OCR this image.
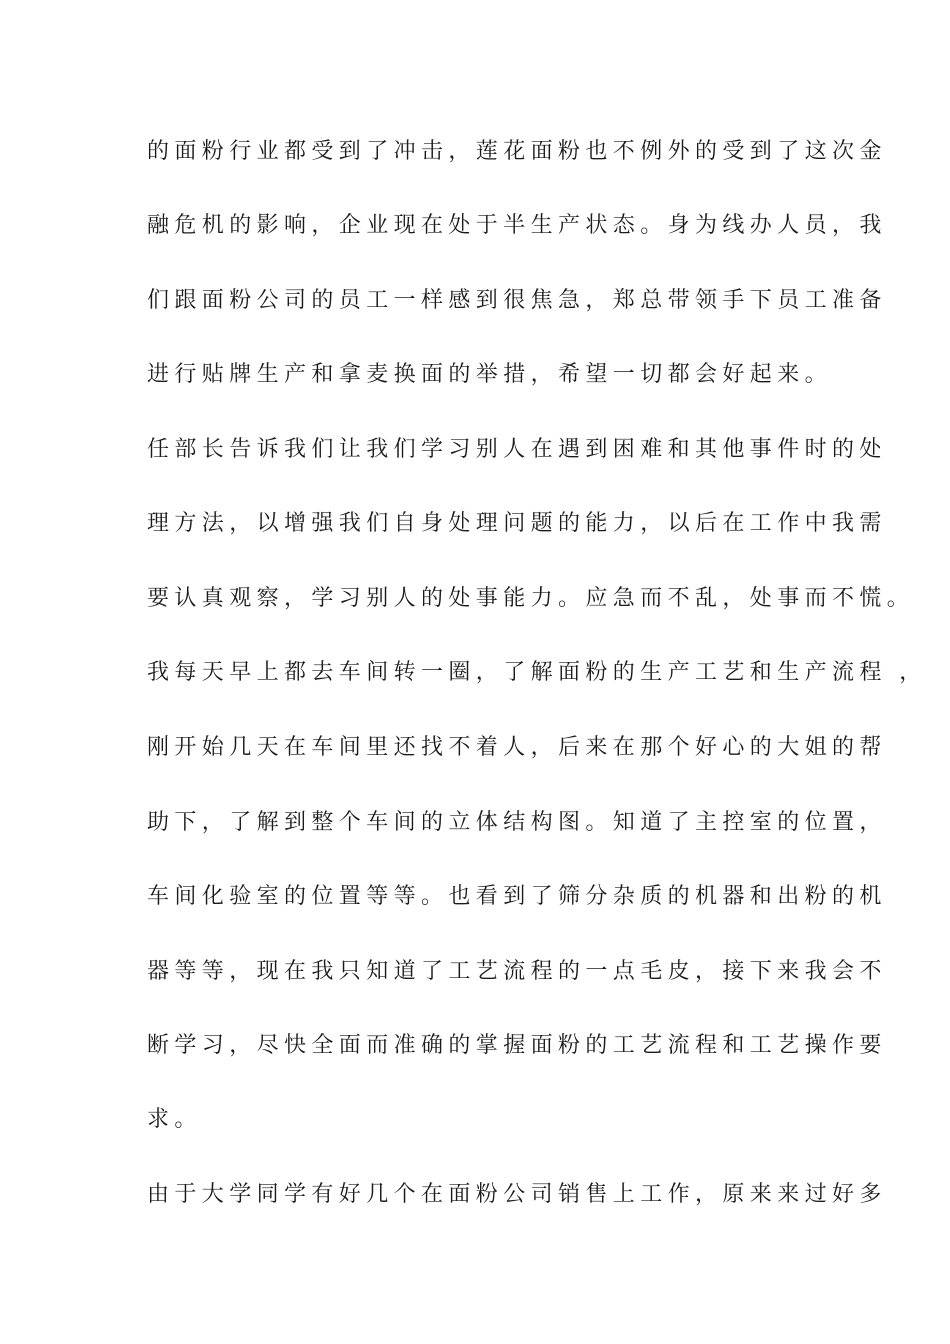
的面粉行业都受到了冲击，莲花面粉也不例外的受到了这次金
融危机的影响，企业现在处于半生产状态。身为线办人员，我
们跟面粉公司的员工一样感到很焦急，郑总带领手下员工准备
进行贴牌生产和拿麦换面的举措，希望一切都会好起来。
任部长告诉我们让我们学习别人在遇到困难和其他事件时的处
理方法，以增强我们自身处理问题的能力，以后在工作中我需
要认真观察，学习别人的处事能力。应急而不乱，处事而不慌。
我每天早上都去车间转一圈，了解面粉的生产工艺和生产流程 ，
刚开始几天在车间里还找不着人，后来在那个好心的大姐的帮
助下，了解到整个车间的立体结构图。知道了主控室的位置，
车间化验室的位置等等。也看到了筛分杂质的机器和出粉的机
器等等，现在我只知道了工艺流程的一点毛皮，接下来我会不
断学习，尽快全面而准确的掌握面粉的工艺流程和工艺操作要
求。
由于大学同学有好几个在面粉公司销售上工作，原来来过好多
